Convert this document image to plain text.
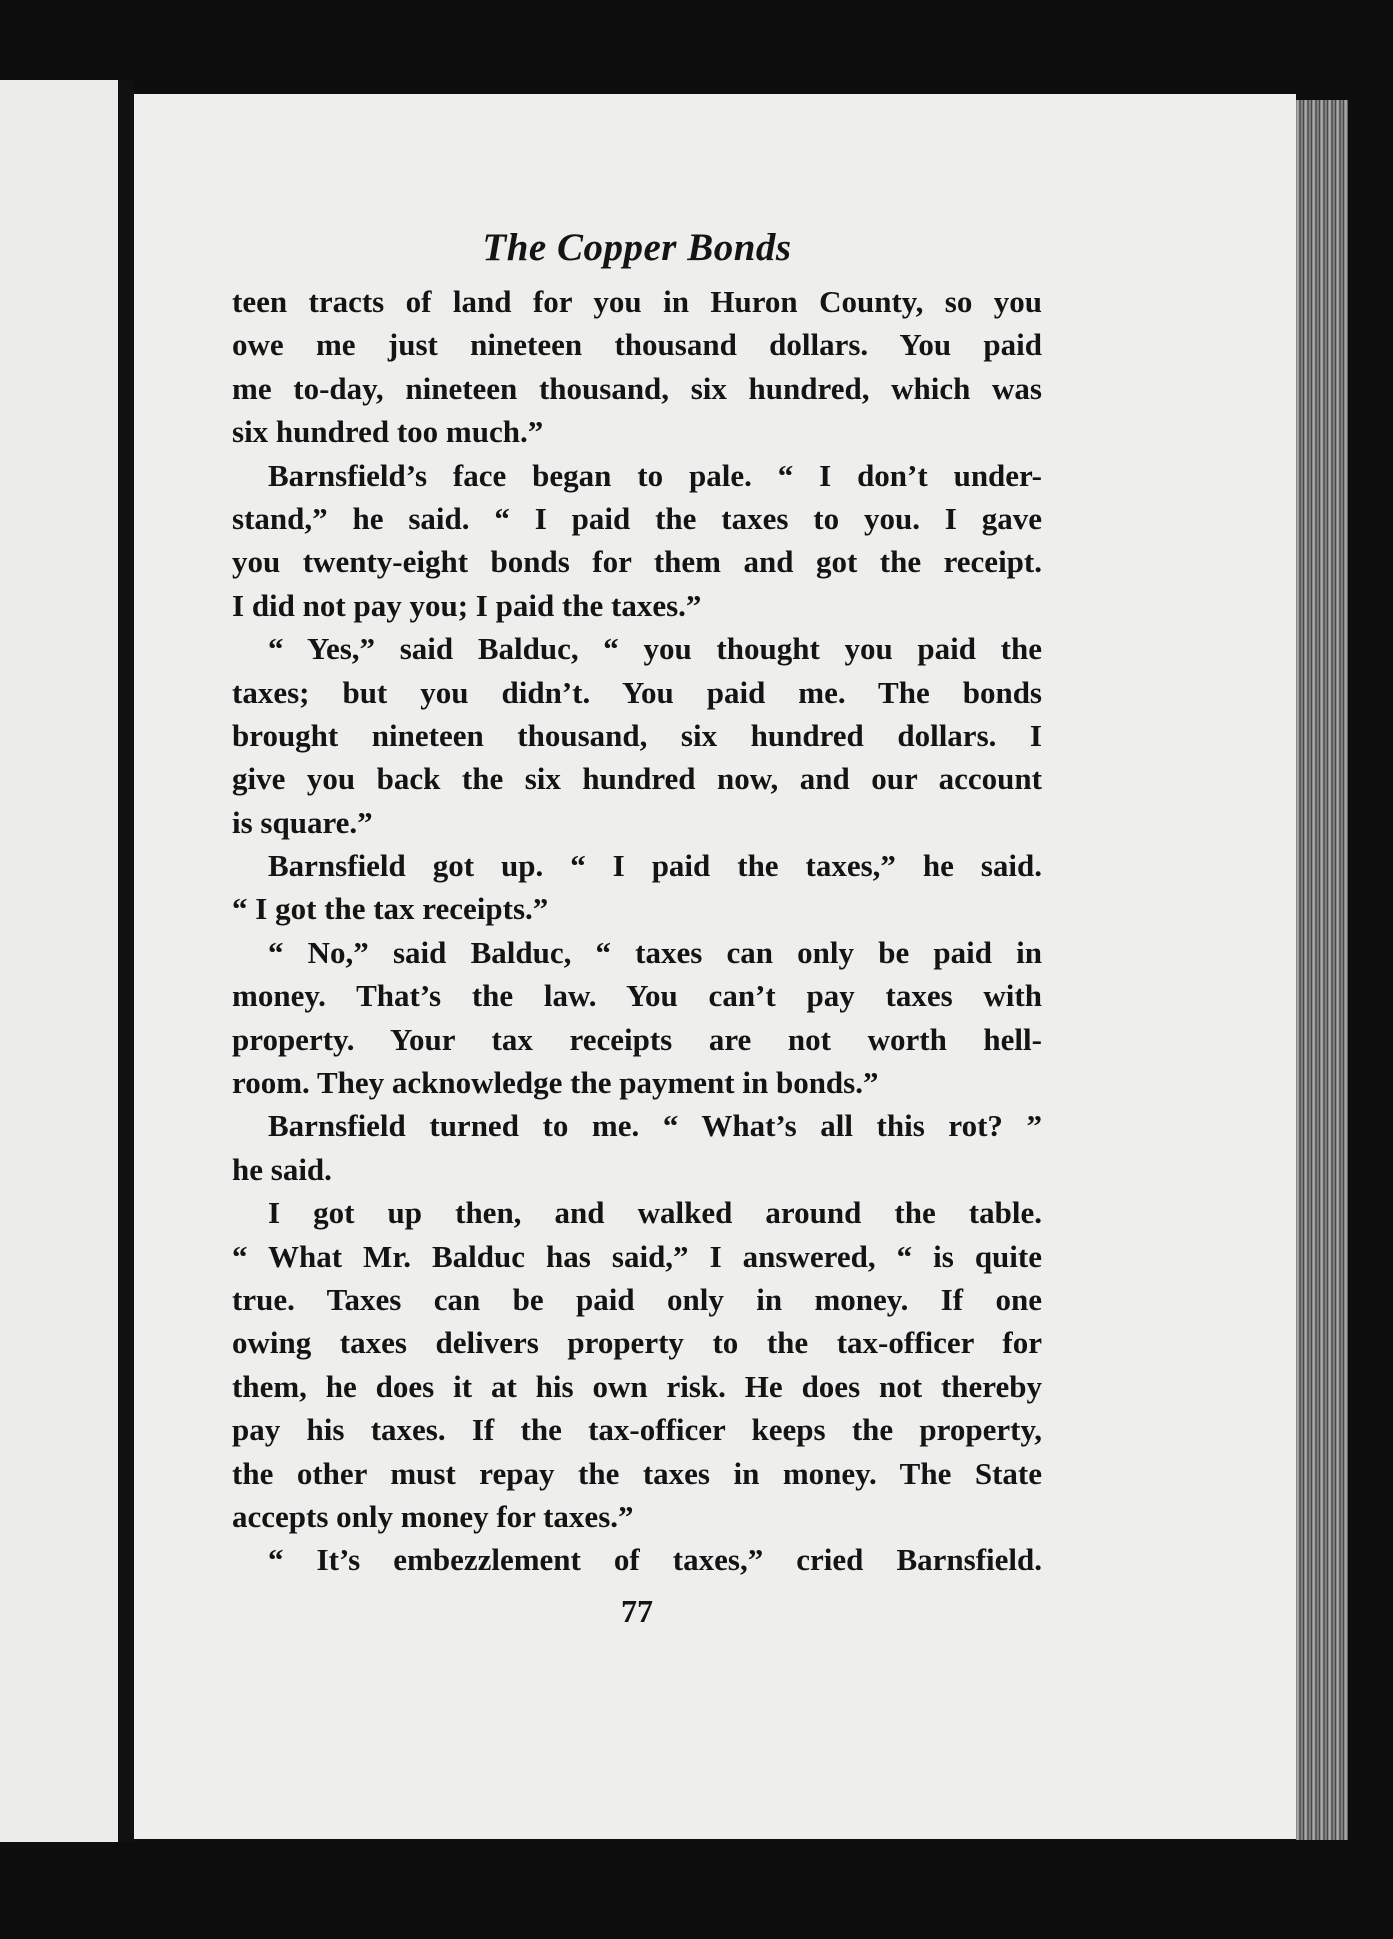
The Copper Bonds
teen tracts of land for you in Huron County, so you
owe me just nineteen thousand dollars. You paid
me to-day, nineteen thousand, six hundred, which was
six hundred too much.”
Barnsfield’s face began to pale. “ I don’t under-
stand,” he said. “ I paid the taxes to you. I gave
you twenty-eight bonds for them and got the receipt.
I did not pay you; I paid the taxes.”
“ Yes,” said Balduc, “ you thought you paid the
taxes; but you didn’t. You paid me. The bonds
brought nineteen thousand, six hundred dollars. I
give you back the six hundred now, and our account
is square.”
Barnsfield got up. “ I paid the taxes,” he said.
“ I got the tax receipts.”
“ No,” said Balduc, “ taxes can only be paid in
money. That’s the law. You can’t pay taxes with
property. Your tax receipts are not worth hell-
room. They acknowledge the payment in bonds.”
Barnsfield turned to me. “ What’s all this rot? ”
he said.
I got up then, and walked around the table.
“ What Mr. Balduc has said,” I answered, “ is quite
true. Taxes can be paid only in money. If one
owing taxes delivers property to the tax-officer for
them, he does it at his own risk. He does not thereby
pay his taxes. If the tax-officer keeps the property,
the other must repay the taxes in money. The State
accepts only money for taxes.”
“ It’s embezzlement of taxes,” cried Barnsfield.
77
